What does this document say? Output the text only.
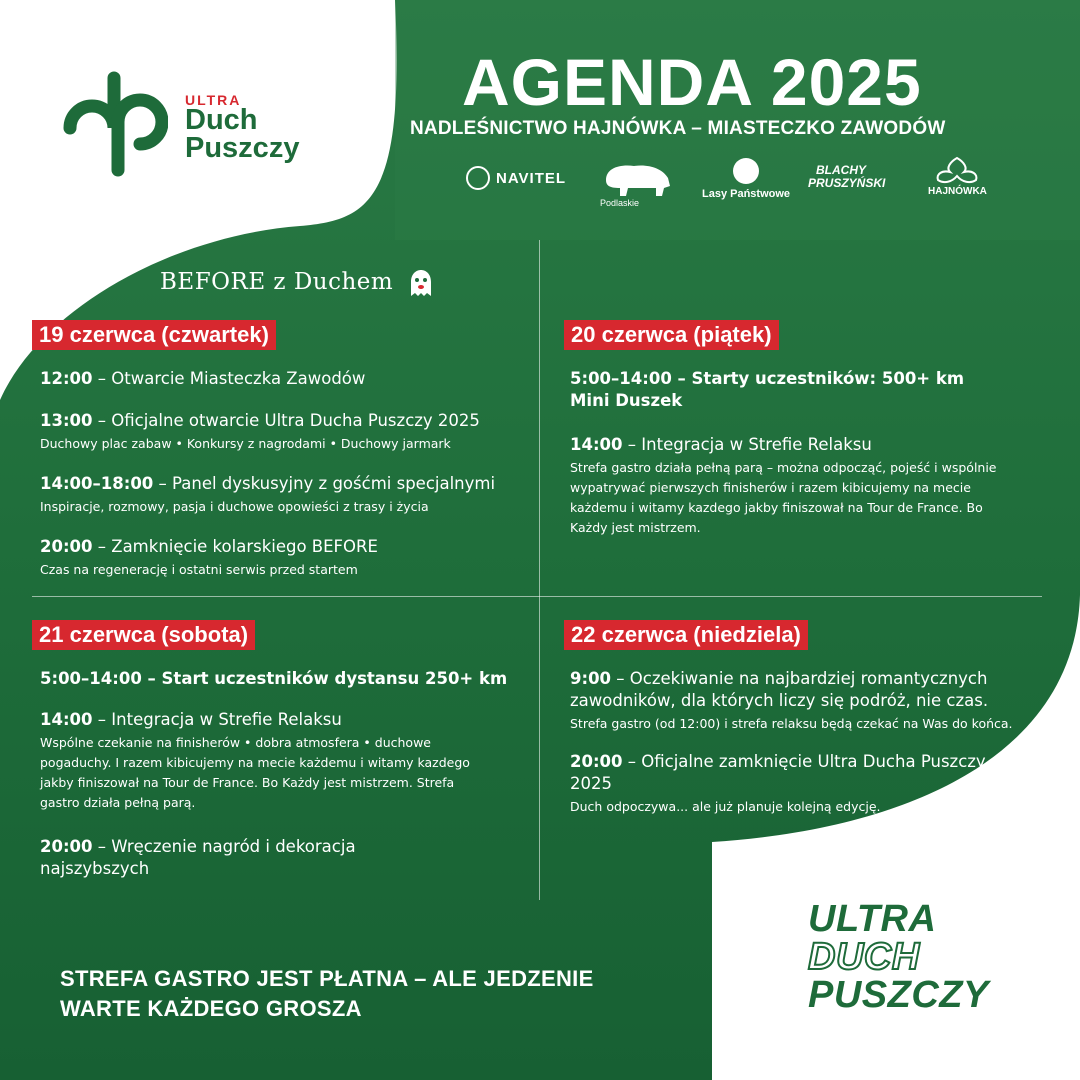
ULTRA
Duch
Puszczy
AGENDA 2025
NADLEŚNICTWO HAJNÓWKA – MIASTECZKO ZAWODÓW
NAVITEL
Podlaskie
Lasy Państwowe
BLACHY
PRUSZYŃSKI
HAJNÓWKA
BEFORE z Duchem
19 czerwca (czwartek)
12:00 – Otwarcie Miasteczka Zawodów
13:00 – Oficjalne otwarcie Ultra Ducha Puszczy 2025
Duchowy plac zabaw • Konkursy z nagrodami • Duchowy jarmark
14:00–18:00 – Panel dyskusyjny z gośćmi specjalnymi
Inspiracje, rozmowy, pasja i duchowe opowieści z trasy i życia
20:00 – Zamknięcie kolarskiego BEFORE
Czas na regenerację i ostatni serwis przed startem
20 czerwca (piątek)
5:00–14:00 – Starty uczestników: 500+ km
Mini Duszek
14:00 – Integracja w Strefie Relaksu
Strefa gastro działa pełną parą – można odpocząć, pojeść i wspólnie wypatrywać pierwszych finisherów i razem kibicujemy na mecie każdemu i witamy kazdego jakby finiszował na Tour de France. Bo Każdy jest mistrzem.
21 czerwca (sobota)
5:00–14:00 – Start uczestników dystansu 250+ km
14:00 – Integracja w Strefie Relaksu
Wspólne czekanie na finisherów • dobra atmosfera • duchowe pogaduchy. I razem kibicujemy na mecie każdemu i witamy kazdego jakby finiszował na Tour de France. Bo Każdy jest mistrzem. Strefa gastro działa pełną parą.
20:00 – Wręczenie nagród i dekoracja najszybszych
22 czerwca (niedziela)
9:00 – Oczekiwanie na najbardziej romantycznych zawodników, dla których liczy się podróż, nie czas.
Strefa gastro (od 12:00) i strefa relaksu będą czekać na Was do końca.
20:00 – Oficjalne zamknięcie Ultra Ducha Puszczy 2025
Duch odpoczywa... ale już planuje kolejną edycję.
STREFA GASTRO JEST PŁATNA – ALE JEDZENIE
WARTE KAŻDEGO GROSZA
ULTRA
DUCH
PUSZCZY
